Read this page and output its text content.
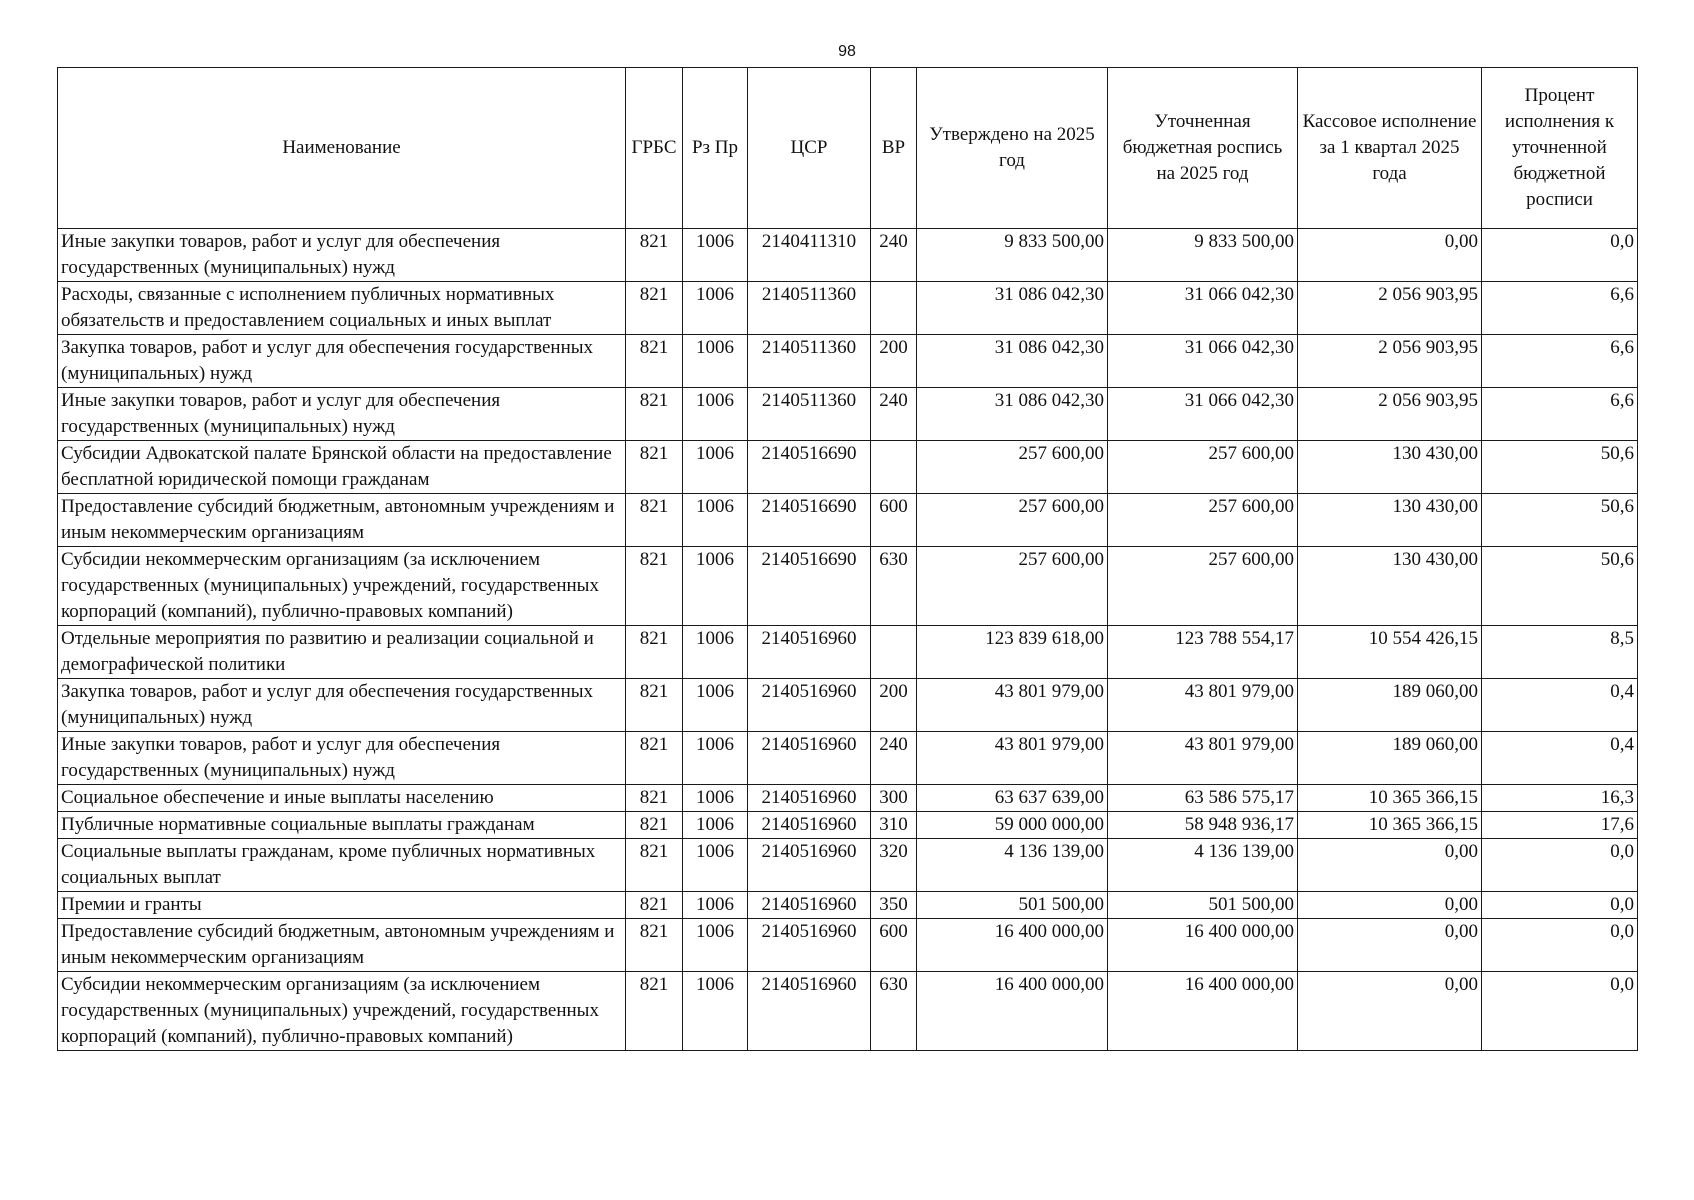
98
Наименование	ГРБС	Рз Пр	ЦСР	ВР	Утверждено на 2025 год	Уточненная бюджетная роспись на 2025 год	Кассовое исполнение за 1 квартал 2025 года	Процент исполнения к уточненной бюджетной росписи
Иные закупки товаров, работ и услуг для обеспечения государственных (муниципальных) нужд	821	1006	2140411310	240	9 833 500,00	9 833 500,00	0,00	0,0
Расходы, связанные с исполнением публичных нормативных обязательств и предоставлением социальных и иных выплат	821	1006	2140511360		31 086 042,30	31 066 042,30	2 056 903,95	6,6
Закупка товаров, работ и услуг для обеспечения государственных (муниципальных) нужд	821	1006	2140511360	200	31 086 042,30	31 066 042,30	2 056 903,95	6,6
Иные закупки товаров, работ и услуг для обеспечения государственных (муниципальных) нужд	821	1006	2140511360	240	31 086 042,30	31 066 042,30	2 056 903,95	6,6
Субсидии Адвокатской палате Брянской области на предоставление бесплатной юридической помощи гражданам	821	1006	2140516690		257 600,00	257 600,00	130 430,00	50,6
Предоставление субсидий бюджетным, автономным учреждениям и иным некоммерческим организациям	821	1006	2140516690	600	257 600,00	257 600,00	130 430,00	50,6
Субсидии некоммерческим организациям (за исключением государственных (муниципальных) учреждений, государственных корпораций (компаний), публично-правовых компаний)	821	1006	2140516690	630	257 600,00	257 600,00	130 430,00	50,6
Отдельные мероприятия по развитию и реализации социальной и демографической политики	821	1006	2140516960		123 839 618,00	123 788 554,17	10 554 426,15	8,5
Закупка товаров, работ и услуг для обеспечения государственных (муниципальных) нужд	821	1006	2140516960	200	43 801 979,00	43 801 979,00	189 060,00	0,4
Иные закупки товаров, работ и услуг для обеспечения государственных (муниципальных) нужд	821	1006	2140516960	240	43 801 979,00	43 801 979,00	189 060,00	0,4
Социальное обеспечение и иные выплаты населению	821	1006	2140516960	300	63 637 639,00	63 586 575,17	10 365 366,15	16,3
Публичные нормативные социальные выплаты гражданам	821	1006	2140516960	310	59 000 000,00	58 948 936,17	10 365 366,15	17,6
Социальные выплаты гражданам, кроме публичных нормативных социальных выплат	821	1006	2140516960	320	4 136 139,00	4 136 139,00	0,00	0,0
Премии и гранты	821	1006	2140516960	350	501 500,00	501 500,00	0,00	0,0
Предоставление субсидий бюджетным, автономным учреждениям и иным некоммерческим организациям	821	1006	2140516960	600	16 400 000,00	16 400 000,00	0,00	0,0
Субсидии некоммерческим организациям (за исключением государственных (муниципальных) учреждений, государственных корпораций (компаний), публично-правовых компаний)	821	1006	2140516960	630	16 400 000,00	16 400 000,00	0,00	0,0
